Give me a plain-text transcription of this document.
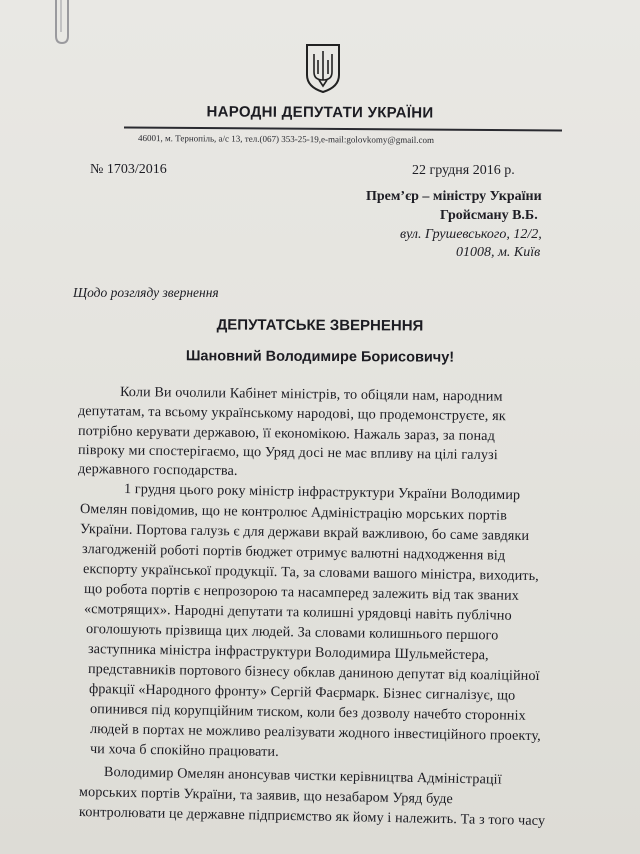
НАРОДНІ ДЕПУТАТИ УКРАЇНИ
46001, м. Тернопіль, а/с 13, тел.(067) 353-25-19,e-mail:golovkomy@gmail.com
№ 1703/2016	22 грудня 2016 р.
Прем’єр – міністру України
Гройсману В.Б.
вул. Грушевського, 12/2,
01008, м. Київ
Щодо розгляду звернення
ДЕПУТАТСЬКЕ ЗВЕРНЕННЯ
Шановний Володимире Борисовичу!
Коли Ви очолили Кабінет міністрів, то обіцяли нам, народним
депутатам, та всьому українському народові, що продемонструєте, як
потрібно керувати державою, її економікою. Нажаль зараз, за понад
півроку ми спостерігаємо, що Уряд досі не має впливу на цілі галузі
державного господарства.
1 грудня цього року міністр інфраструктури України Володимир
Омелян повідомив, що не контролює Адміністрацію морських портів
України. Портова галузь є для держави вкрай важливою, бо саме завдяки
злагодженій роботі портів бюджет отримує валютні надходження від
експорту української продукції. Та, за словами вашого міністра, виходить,
що робота портів є непрозорою та насамперед залежить від так званих
«смотрящих». Народні депутати та колишні урядовці навіть публічно
оголошують прізвища цих людей. За словами колишнього першого
заступника міністра інфраструктури Володимира Шульмейстера,
представників портового бізнесу обклав даниною депутат від коаліційної
фракції «Народного фронту» Сергій Фаєрмарк. Бізнес сигналізує, що
опинився під корупційним тиском, коли без дозволу начебто сторонніх
людей в портах не можливо реалізувати жодного інвестиційного проекту,
чи хоча б спокійно працювати.
Володимир Омелян анонсував чистки керівництва Адміністрації
морських портів України, та заявив, що незабаром Уряд буде
контролювати це державне підприємство як йому і належить. Та з того часу
